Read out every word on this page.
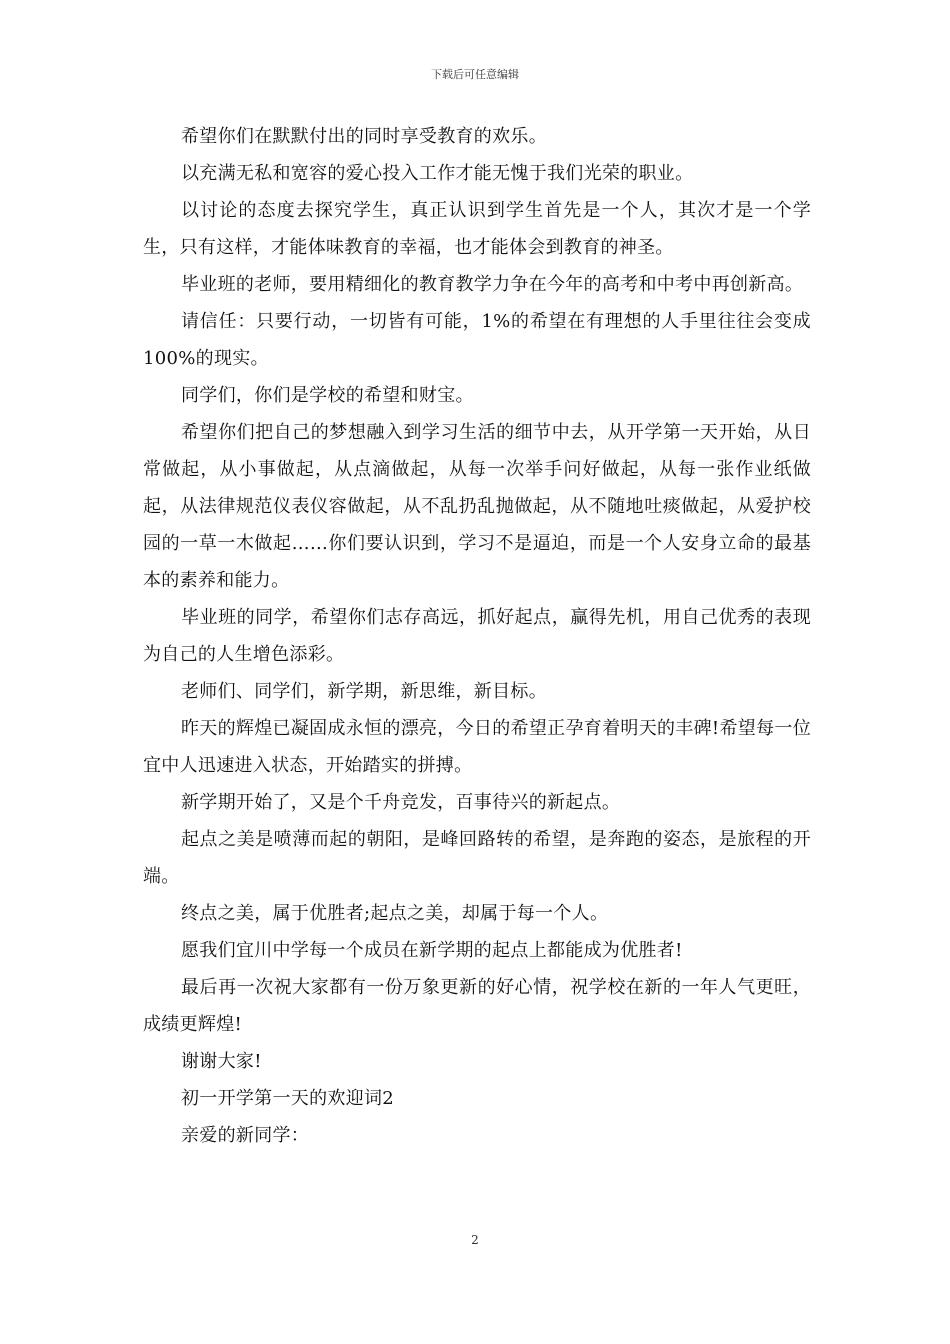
下载后可任意编辑

希望你们在默默付出的同时享受教育的欢乐。

以充满无私和宽容的爱心投入工作才能无愧于我们光荣的职业。

以讨论的态度去探究学生，真正认识到学生首先是一个人，其次才是一个学生，只有这样，才能体味教育的幸福，也才能体会到教育的神圣。

毕业班的老师，要用精细化的教育教学力争在今年的高考和中考中再创新高。

请信任：只要行动，一切皆有可能，1%的希望在有理想的人手里往往会变成100%的现实。

同学们，你们是学校的希望和财宝。

希望你们把自己的梦想融入到学习生活的细节中去，从开学第一天开始，从日常做起，从小事做起，从点滴做起，从每一次举手问好做起，从每一张作业纸做起，从法律规范仪表仪容做起，从不乱扔乱抛做起，从不随地吐痰做起，从爱护校园的一草一木做起……你们要认识到，学习不是逼迫，而是一个人安身立命的最基本的素养和能力。

毕业班的同学，希望你们志存高远，抓好起点，赢得先机，用自己优秀的表现为自己的人生增色添彩。

老师们、同学们，新学期，新思维，新目标。

昨天的辉煌已凝固成永恒的漂亮，今日的希望正孕育着明天的丰碑!希望每一位宜中人迅速进入状态，开始踏实的拼搏。

新学期开始了，又是个千舟竞发，百事待兴的新起点。

起点之美是喷薄而起的朝阳，是峰回路转的希望，是奔跑的姿态，是旅程的开端。

终点之美，属于优胜者;起点之美，却属于每一个人。

愿我们宜川中学每一个成员在新学期的起点上都能成为优胜者!

最后再一次祝大家都有一份万象更新的好心情，祝学校在新的一年人气更旺，成绩更辉煌!

谢谢大家!

初一开学第一天的欢迎词2

亲爱的新同学：

2
